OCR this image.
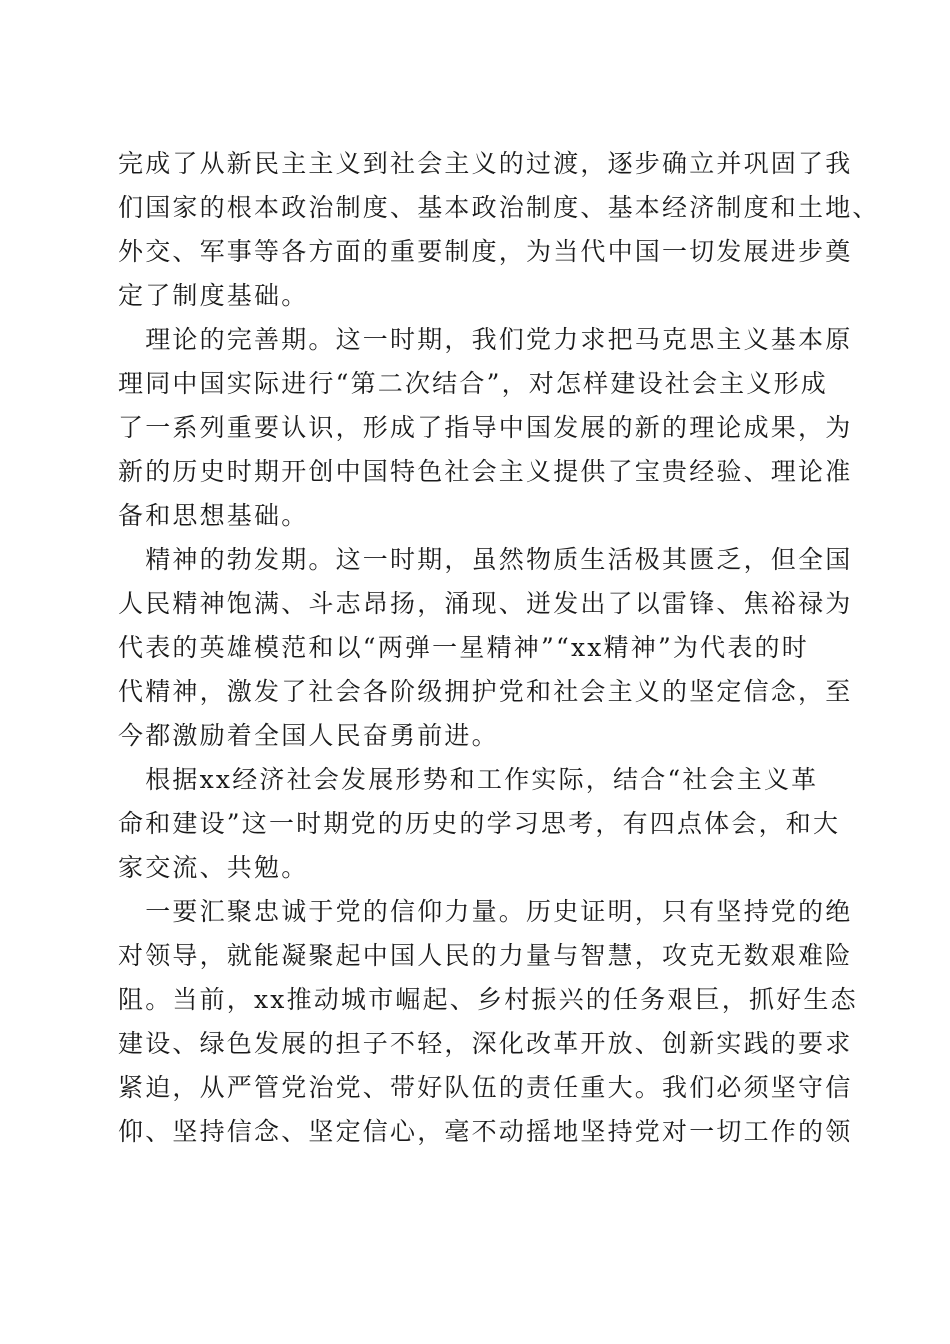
完成了从新民主主义到社会主义的过渡，逐步确立并巩固了我
们国家的根本政治制度、基本政治制度、基本经济制度和土地、
外交、军事等各方面的重要制度，为当代中国一切发展进步奠
定了制度基础。
　理论的完善期。这一时期，我们党力求把马克思主义基本原
理同中国实际进行“第二次结合”，对怎样建设社会主义形成
了一系列重要认识，形成了指导中国发展的新的理论成果，为
新的历史时期开创中国特色社会主义提供了宝贵经验、理论准
备和思想基础。
　精神的勃发期。这一时期，虽然物质生活极其匮乏，但全国
人民精神饱满、斗志昂扬，涌现、迸发出了以雷锋、焦裕禄为
代表的英雄模范和以“两弹一星精神”“xx精神”为代表的时
代精神，激发了社会各阶级拥护党和社会主义的坚定信念，至
今都激励着全国人民奋勇前进。
　根据xx经济社会发展形势和工作实际，结合“社会主义革
命和建设”这一时期党的历史的学习思考，有四点体会，和大
家交流、共勉。
　一要汇聚忠诚于党的信仰力量。历史证明，只有坚持党的绝
对领导，就能凝聚起中国人民的力量与智慧，攻克无数艰难险
阻。当前，xx推动城市崛起、乡村振兴的任务艰巨，抓好生态
建设、绿色发展的担子不轻，深化改革开放、创新实践的要求
紧迫，从严管党治党、带好队伍的责任重大。我们必须坚守信
仰、坚持信念、坚定信心，毫不动摇地坚持党对一切工作的领
